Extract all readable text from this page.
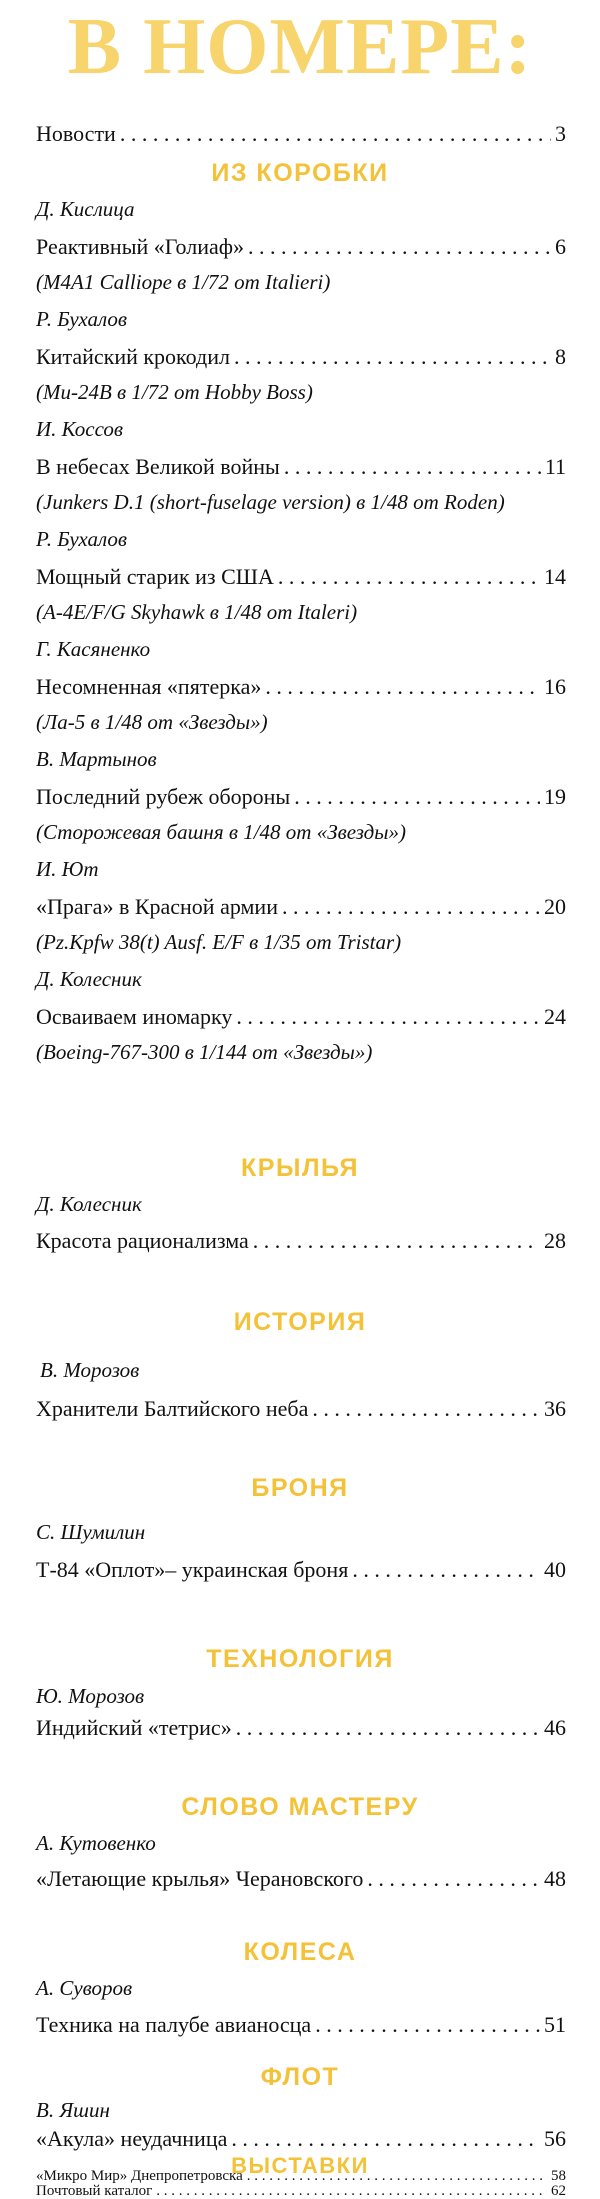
В НОМЕРЕ:
Новости . . .	3
ИЗ КОРОБКИ
Д. Кислица
Реактивный «Голиаф» . . .	6
(M4A1 Calliope в 1/72 от Italieri)
Р. Бухалов
Китайский крокодил . . .	8
(Ми-24В в 1/72 от Hobby Boss)
И. Коссов
В небесах Великой войны . . .	11
(Junkers D.1 (short-fuselage version) в 1/48 от Roden)
Р. Бухалов
Мощный старик из США . . .	14
(A-4E/F/G Skyhawk в 1/48 от Italeri)
Г. Касяненко
Несомненная «пятерка» . . .	16
(Ла-5 в 1/48 от «Звезды»)
В. Мартынов
Последний рубеж обороны . . .	19
(Сторожевая башня в 1/48 от «Звезды»)
И. Ют
«Прага» в Красной армии . . .	20
(Pz.Kpfw 38(t) Ausf. E/F в 1/35 от Tristar)
Д. Колесник
Осваиваем иномарку . . .	24
(Boeing-767-300 в 1/144 от «Звезды»)
КРЫЛЬЯ
Д. Колесник
Красота рационализма . . .	28
ИСТОРИЯ
В. Морозов
Хранители Балтийского неба . . .	36
БРОНЯ
С. Шумилин
Т-84 «Оплот»– украинская броня . . .	40
ТЕХНОЛОГИЯ
Ю. Морозов
Индийский «тетрис» . . .	46
СЛОВО МАСТЕРУ
А. Кутовенко
«Летающие крылья» Черановского . . .	48
КОЛЕСА
А. Суворов
Техника на палубе авианосца . . .	51
ФЛОТ
В. Яшин
«Акула» неудачница . . .	56
ВЫСТАВКИ
«Микро Мир» Днепропетровска . . .	58
Почтовый каталог . . .	62
